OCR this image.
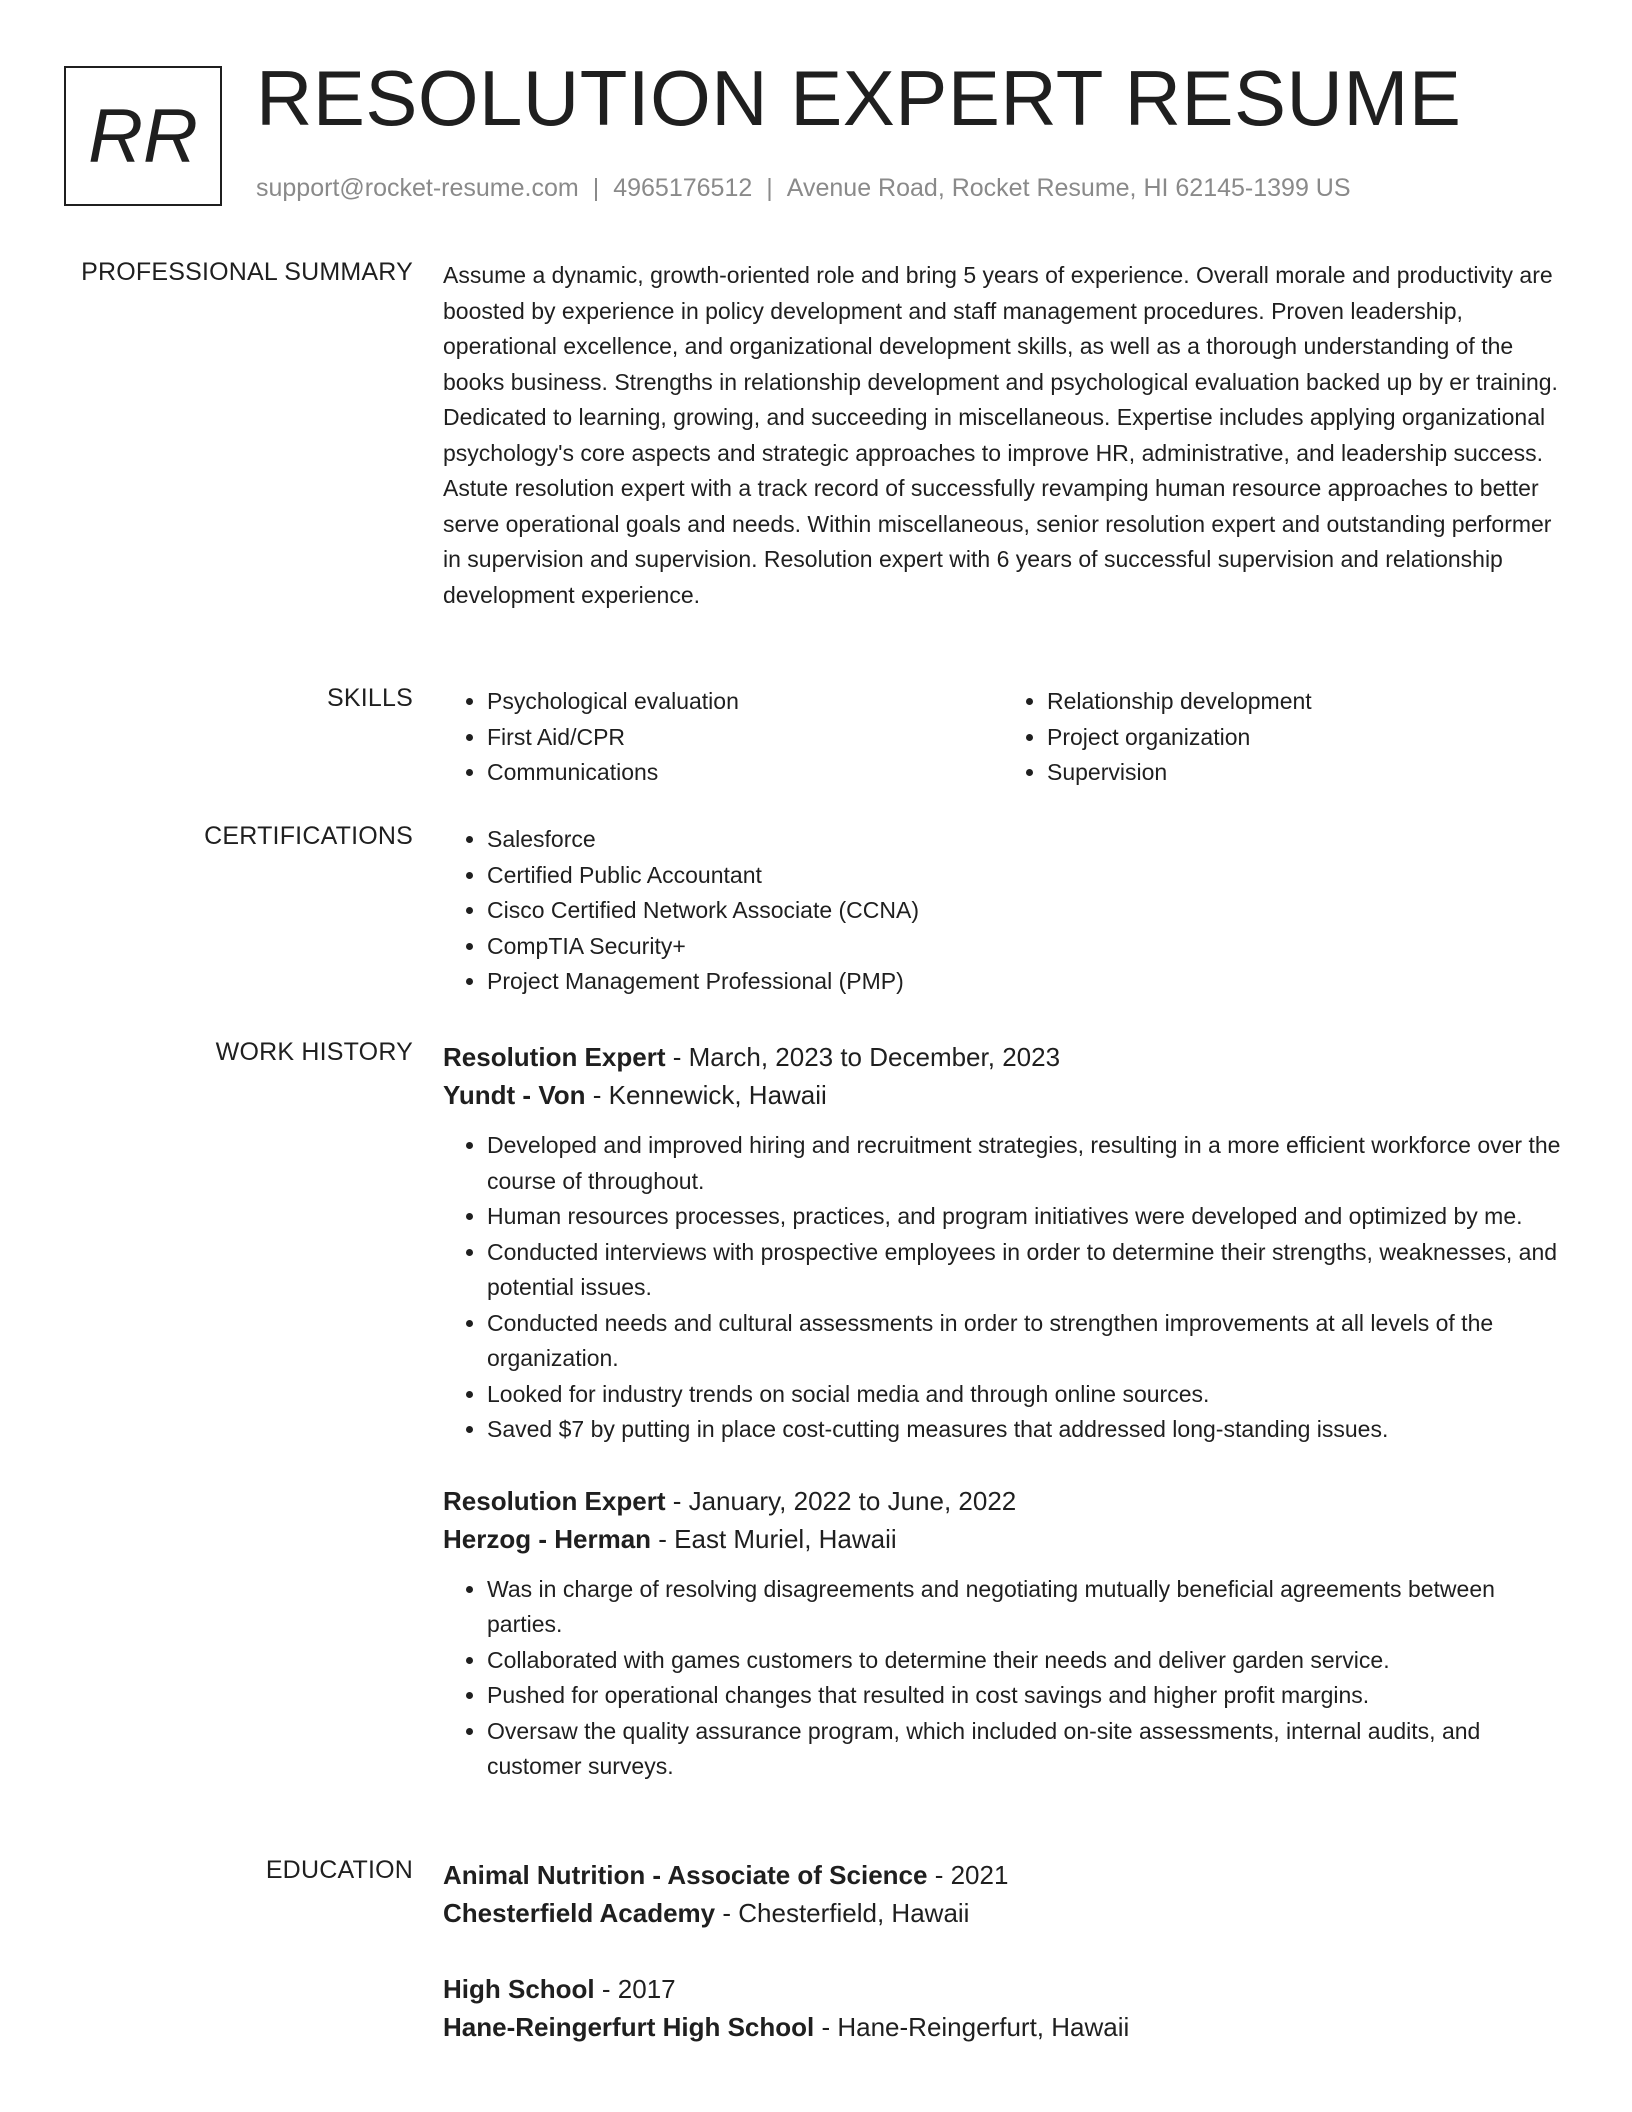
RR RESOLUTION EXPERT RESUME
support@rocket-resume.com | 4965176512 | Avenue Road, Rocket Resume, HI 62145-1399 US
PROFESSIONAL SUMMARY Assume a dynamic, growth-oriented role and bring 5 years of experience. Overall morale and productivity are boosted by experience in policy development and staff management procedures. Proven leadership, operational excellence, and organizational development skills, as well as a thorough understanding of the books business. Strengths in relationship development and psychological evaluation backed up by er training. Dedicated to learning, growing, and succeeding in miscellaneous. Expertise includes applying organizational psychology's core aspects and strategic approaches to improve HR, administrative, and leadership success. Astute resolution expert with a track record of successfully revamping human resource approaches to better serve operational goals and needs. Within miscellaneous, senior resolution expert and outstanding performer in supervision and supervision. Resolution expert with 6 years of successful supervision and relationship development experience.
SKILLS	• Psychological evaluation
• First Aid/CPR
• Communications
• Relationship development
• Project organization
• Supervision
CERTIFICATIONS	• Salesforce
• Certified Public Accountant
• Cisco Certified Network Associate (CCNA)
• CompTIA Security+
• Project Management Professional (PMP)
WORK HISTORY Resolution Expert - March, 2023 to December, 2023
Yundt - Von - Kennewick, Hawaii
• Developed and improved hiring and recruitment strategies, resulting in a more efficient workforce over the course of throughout.
• Human resources processes, practices, and program initiatives were developed and optimized by me.
• Conducted interviews with prospective employees in order to determine their strengths, weaknesses, and potential issues.
• Conducted needs and cultural assessments in order to strengthen improvements at all levels of the organization.
• Looked for industry trends on social media and through online sources.
• Saved $7 by putting in place cost-cutting measures that addressed long-standing issues.
Resolution Expert - January, 2022 to June, 2022
Herzog - Herman - East Muriel, Hawaii
• Was in charge of resolving disagreements and negotiating mutually beneficial agreements between parties.
• Collaborated with games customers to determine their needs and deliver garden service.
• Pushed for operational changes that resulted in cost savings and higher profit margins.
• Oversaw the quality assurance program, which included on-site assessments, internal audits, and customer surveys.
EDUCATION Animal Nutrition - Associate of Science - 2021
Chesterfield Academy - Chesterfield, Hawaii
High School - 2017
Hane-Reingerfurt High School - Hane-Reingerfurt, Hawaii
